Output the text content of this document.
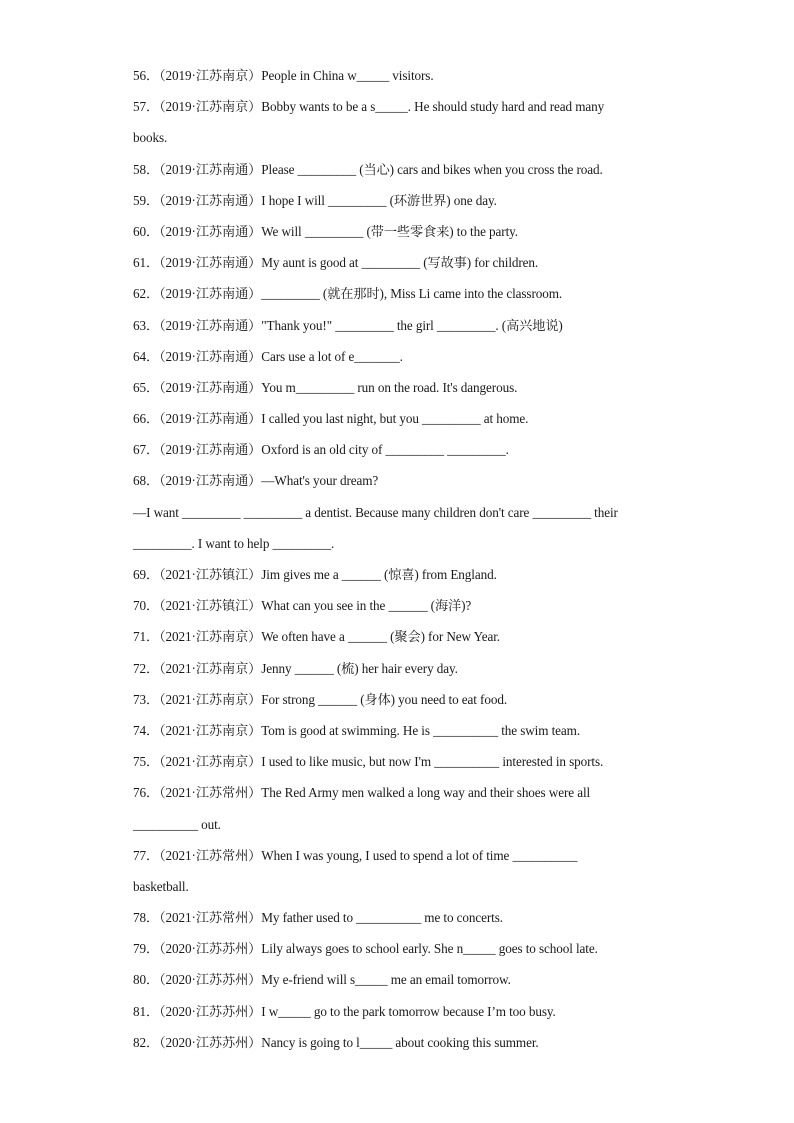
56．（2019·江苏南京）People in China w_____ visitors.
57．（2019·江苏南京）Bobby wants to be a s_____. He should study hard and read many
books.
58．（2019·江苏南通）Please _________ (当心) cars and bikes when you cross the road.
59．（2019·江苏南通）I hope I will _________ (环游世界) one day.
60．（2019·江苏南通）We will _________ (带一些零食来) to the party.
61．（2019·江苏南通）My aunt is good at _________ (写故事) for children.
62．（2019·江苏南通）_________ (就在那时), Miss Li came into the classroom.
63．（2019·江苏南通）"Thank you!" _________ the girl _________. (高兴地说)
64．（2019·江苏南通）Cars use a lot of e_______.
65．（2019·江苏南通）You m_________ run on the road. It's dangerous.
66．（2019·江苏南通）I called you last night, but you _________ at home.
67．（2019·江苏南通）Oxford is an old city of _________ _________.
68．（2019·江苏南通）—What's your dream?
—I want _________ _________ a dentist. Because many children don't care _________ their
_________. I want to help _________.
69．（2021·江苏镇江）Jim gives me a ______ (惊喜) from England.
70．（2021·江苏镇江）What can you see in the ______ (海洋)?
71．（2021·江苏南京）We often have a ______ (聚会) for New Year.
72．（2021·江苏南京）Jenny ______ (梳) her hair every day.
73．（2021·江苏南京）For strong ______ (身体) you need to eat food.
74．（2021·江苏南京）Tom is good at swimming. He is __________ the swim team.
75．（2021·江苏南京）I used to like music, but now I'm __________ interested in sports.
76．（2021·江苏常州）The Red Army men walked a long way and their shoes were all
__________ out.
77．（2021·江苏常州）When I was young, I used to spend a lot of time __________
basketball.
78．（2021·江苏常州）My father used to __________ me to concerts.
79．（2020·江苏苏州）Lily always goes to school early. She n_____ goes to school late.
80．（2020·江苏苏州）My e-friend will s_____ me an email tomorrow.
81．（2020·江苏苏州）I w_____ go to the park tomorrow because I’m too busy.
82．（2020·江苏苏州）Nancy is going to l_____ about cooking this summer.
